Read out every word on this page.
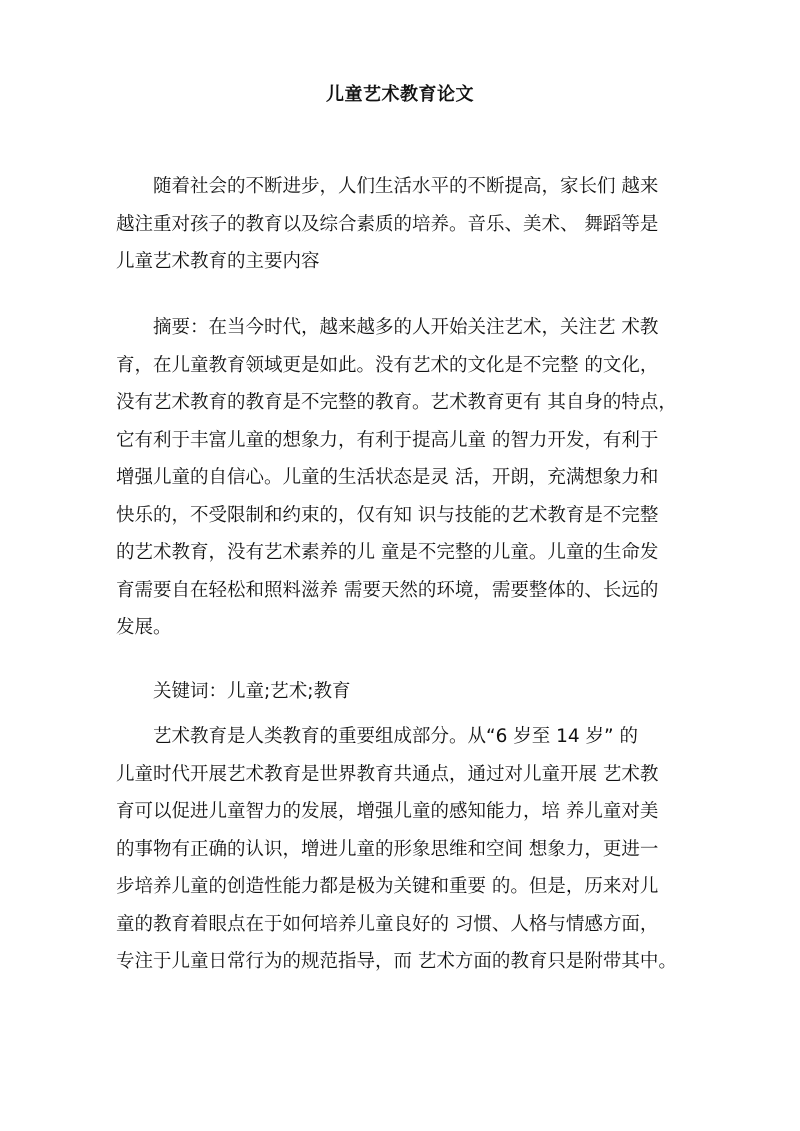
儿童艺术教育论文
　　随着社会的不断进步，人们生活水平的不断提高，家长们 越来
越注重对孩子的教育以及综合素质的培养。音乐、美术、 舞蹈等是
儿童艺术教育的主要内容
　　摘要：在当今时代，越来越多的人开始关注艺术，关注艺 术教
育，在儿童教育领域更是如此。没有艺术的文化是不完整 的文化，
没有艺术教育的教育是不完整的教育。艺术教育更有 其自身的特点，
它有利于丰富儿童的想象力，有利于提高儿童 的智力开发，有利于
增强儿童的自信心。儿童的生活状态是灵 活，开朗，充满想象力和
快乐的，不受限制和约束的，仅有知 识与技能的艺术教育是不完整
的艺术教育，没有艺术素养的儿 童是不完整的儿童。儿童的生命发
育需要自在轻松和照料滋养 需要天然的环境，需要整体的、长远的
发展。
　　关键词：儿童;艺术;教育
　　艺术教育是人类教育的重要组成部分。从“6 岁至 14 岁” 的
儿童时代开展艺术教育是世界教育共通点，通过对儿童开展 艺术教
育可以促进儿童智力的发展，增强儿童的感知能力，培 养儿童对美
的事物有正确的认识，增进儿童的形象思维和空间 想象力，更进一
步培养儿童的创造性能力都是极为关键和重要 的。但是，历来对儿
童的教育着眼点在于如何培养儿童良好的 习惯、人格与情感方面，
专注于儿童日常行为的规范指导，而 艺术方面的教育只是附带其中。
